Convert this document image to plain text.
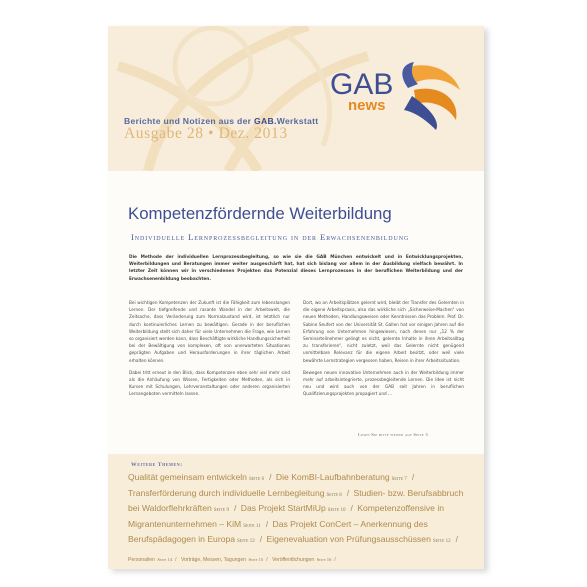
Berichte und Notizen aus der GAB.Werkstatt
Ausgabe 28 • Dez. 2013
GAB
news
Kompetenzfördernde Weiterbildung
Individuelle Lernprozessbegleitung in der Erwachsenenbildung
Die Methode der individuellen Lernprozessbegleitung, so wie sie die GAB München entwickelt und in Entwicklungsprojekten, Weiterbildungen und Beratungen immer weiter ausgeschärft hat, hat sich bislang vor allem in der Ausbildung vielfach bewährt. In letzter Zeit können wir in verschiedenen Projekten das Potenzial dieses Lernprozesses in der beruflichen Weiterbildung und der Erwachsenenbildung beobachten.

Bei wichtigen Kompetenzen der Zukunft ist die Fähigkeit zum lebenslangen Lernen. Der tiefgreifende und rasante Wandel in der Arbeitswelt, die Zeitsache, dass Veränderung zum Normalzustand wird, ist letztlich nur durch kontinuierliches Lernen zu bewältigen. Gerade in der beruflichen Weiterbildung stellt sich daher für viele Unternehmen die Frage, wie Lernen so organisiert werden kann, dass Beschäftigte wirkliche Handlungssicherheit bei der Bewältigung von komplexen, oft von unerwarteten Situationen geprägten Aufgaben und Herausforderungen in ihrer täglichen Arbeit erhalten können.

Dabei tritt erneut in den Blick, dass Kompetenzen eben sehr viel mehr sind als die Anhäufung von Wissen, Fertigkeiten oder Methoden, als sich in Kursen mit Schulungen, Lehrveranstaltungen oder anderen organisierten Lernangeboten vermitteln lassen.

Dort, wo an Arbeitsplätzen gelernt wird, bleibt der Transfer des Gelernten in die eigene Arbeitspraxis, also das wirkliche sich „Sicherweise-Machen“ von neuen Methoden, Handlungsweisen oder Kenntnissen das Problem. Prof. Dr. Sabine Seufert von der Universität St. Gallen hat vor einigen Jahren auf die Erfahrung von Unternehmen hingewiesen, nach denen nur „12 % der Seminarteilnehmer gelingt es nicht, gelernte Inhalte in ihren Arbeitsalltag zu transferieren“, nicht zuletzt, weil das Gelernte nicht genügend unmittelbare Relevanz für die eigene Arbeit besitzt, oder weil viele bewährte Lernstrategien vergessen haben, Reisen in ihrer Arbeitssituation.

Bewegen neuen innovative Unternehmen auch in der Weiterbildung immer mehr auf arbeitsintegrierte, prozessbegleitende Lernen. Die Idee ist nicht neu und wird auch von der GAB seit Jahren in beruflichen Qualifizierungsprojekten propagiert und …

Lesen Sie bitte weiter auf Seite 3
Weitere Themen:
Qualität gemeinsam entwickeln Seite 6 / Die KomBI-Laufbahnberatung Seite 7 / Transferförderung durch individuelle Lernbegleitung Seite 8 / Studien- bzw. Berufsabbruch bei Waldorflehrkräften Seite 9 / Das Projekt StartMiUp Seite 10 / Kompetenzoffensive in Migrantenunternehmen – KiM Seite 11 / Das Projekt ConCert – Anerkennung des Berufspädagogen in Europa Seite 12 / Eigenevaluation von Prüfungsausschüssen Seite 12 /
Personalien Seite 14 / Vorträge, Messen, Tagungen Seite 15 / Veröffentlichungen Seite 16 /
